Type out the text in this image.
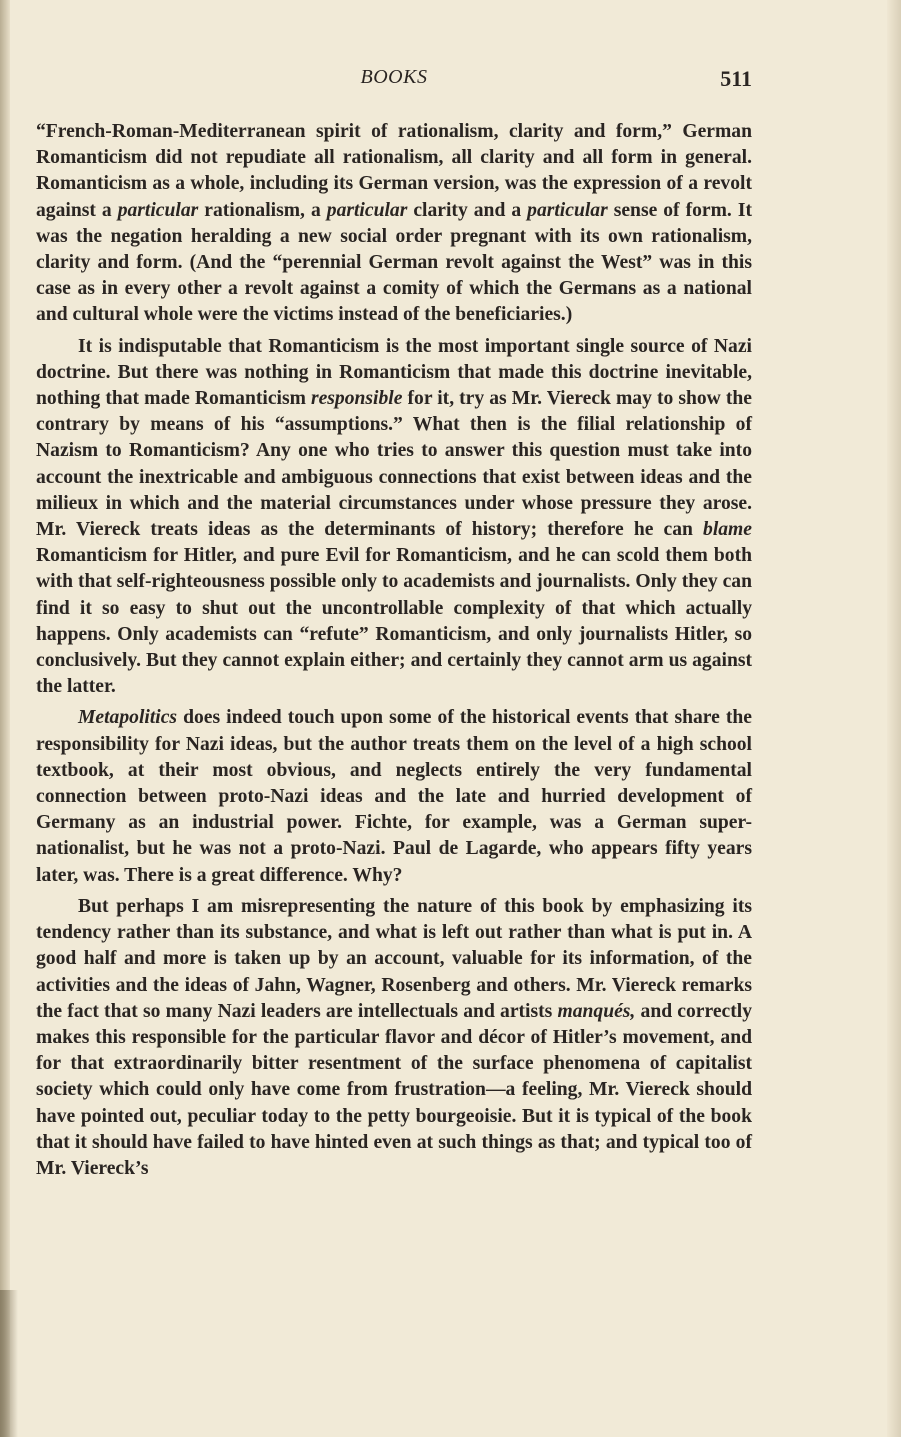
BOOKS	511

“French-Roman-Mediterranean spirit of rationalism, clarity and form,” German Romanticism did not repudiate all rationalism, all clarity and all form in general. Romanticism as a whole, including its German version, was the expression of a revolt against a particular rationalism, a particular clarity and a particular sense of form. It was the negation heralding a new social order pregnant with its own rationalism, clarity and form. (And the “perennial German revolt against the West” was in this case as in every other a revolt against a comity of which the Germans as a national and cultural whole were the victims instead of the beneficiaries.)

It is indisputable that Romanticism is the most important single source of Nazi doctrine. But there was nothing in Romanticism that made this doctrine inevitable, nothing that made Romanticism responsible for it, try as Mr. Viereck may to show the contrary by means of his “assumptions.” What then is the filial relationship of Nazism to Romanticism? Any one who tries to answer this question must take into account the inextricable and ambiguous connections that exist between ideas and the milieux in which and the material circumstances under whose pressure they arose. Mr. Viereck treats ideas as the determinants of history; therefore he can blame Romanticism for Hitler, and pure Evil for Romanticism, and he can scold them both with that self-righteousness possible only to academists and journalists. Only they can find it so easy to shut out the uncontrollable complexity of that which actually happens. Only academists can “refute” Romanticism, and only journalists Hitler, so conclusively. But they cannot explain either; and certainly they cannot arm us against the latter.

Metapolitics does indeed touch upon some of the historical events that share the responsibility for Nazi ideas, but the author treats them on the level of a high school textbook, at their most obvious, and neglects entirely the very fundamental connection between proto-Nazi ideas and the late and hurried development of Germany as an industrial power. Fichte, for example, was a German super-nationalist, but he was not a proto-Nazi. Paul de Lagarde, who appears fifty years later, was. There is a great difference. Why?

But perhaps I am misrepresenting the nature of this book by emphasizing its tendency rather than its substance, and what is left out rather than what is put in. A good half and more is taken up by an account, valuable for its information, of the activities and the ideas of Jahn, Wagner, Rosenberg and others. Mr. Viereck remarks the fact that so many Nazi leaders are intellectuals and artists manqués, and correctly makes this responsible for the particular flavor and décor of Hitler’s movement, and for that extraordinarily bitter resentment of the surface phenomena of capitalist society which could only have come from frustration—a feeling, Mr. Viereck should have pointed out, peculiar today to the petty bourgeoisie. But it is typical of the book that it should have failed to have hinted even at such things as that; and typical too of Mr. Viereck’s
